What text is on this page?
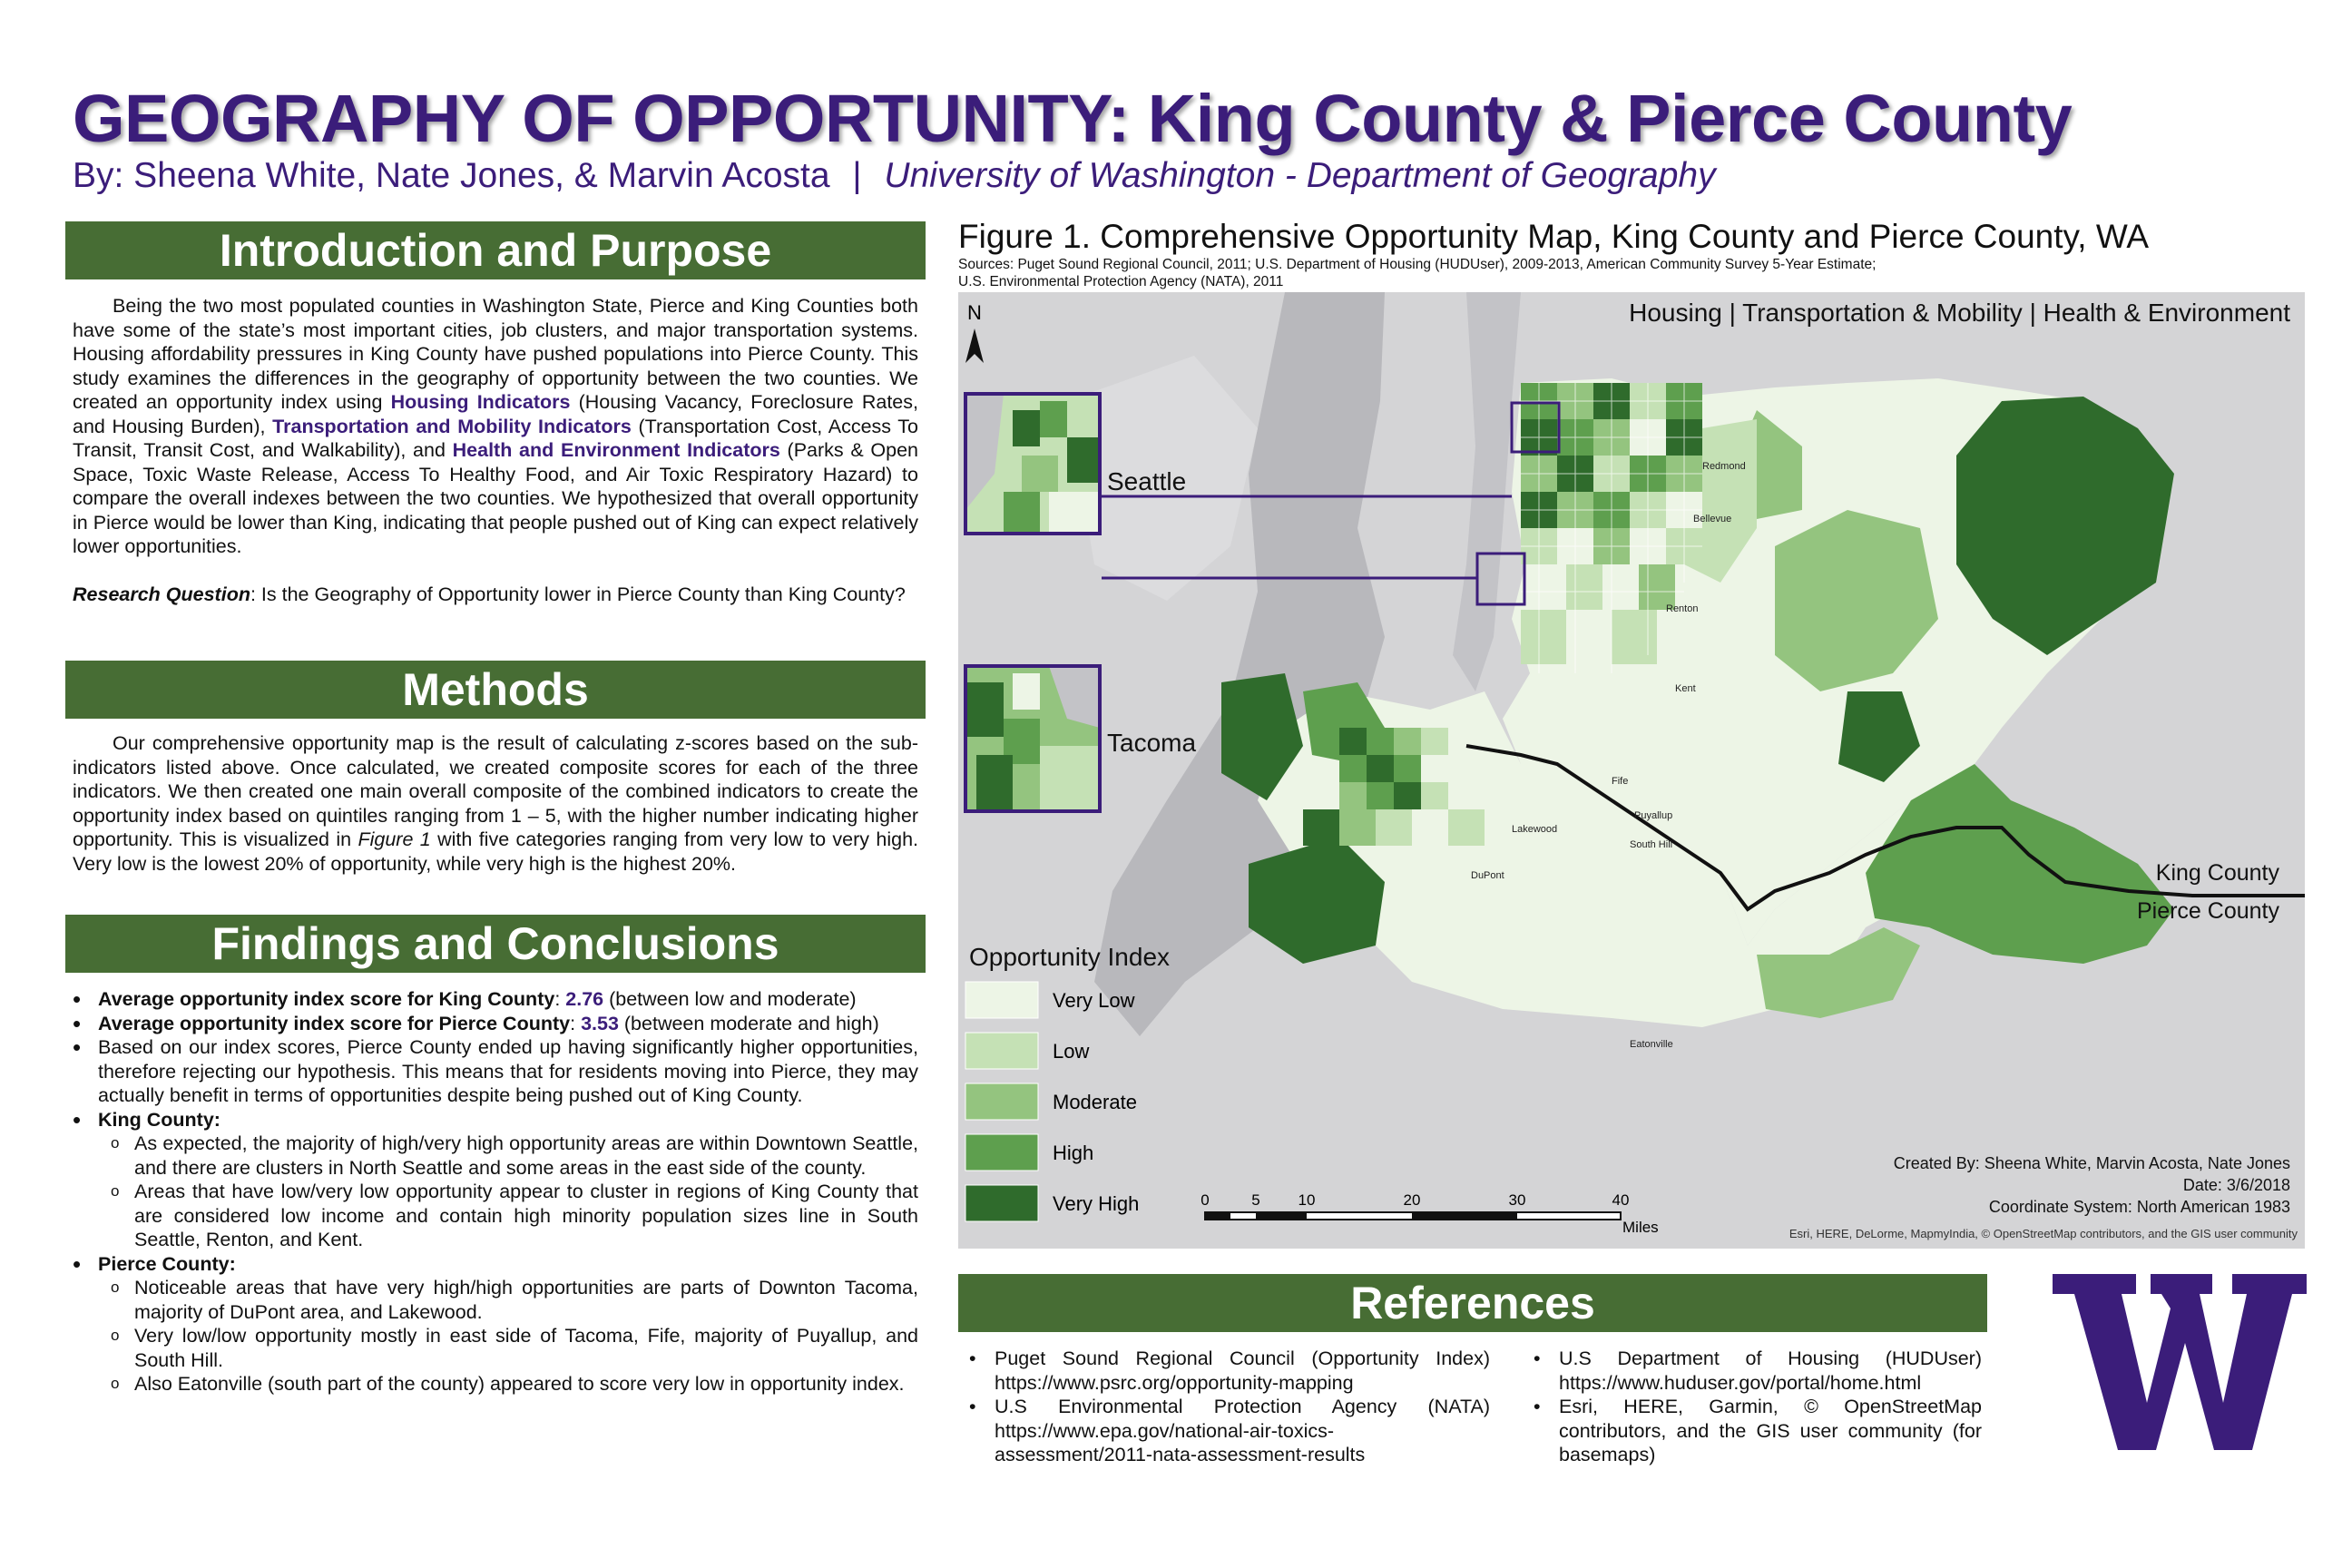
GEOGRAPHY OF OPPORTUNITY: King County & Pierce County
By: Sheena White, Nate Jones, & Marvin Acosta | University of Washington - Department of Geography
Introduction and Purpose

Being the two most populated counties in Washington State, Pierce and King Counties both have some of the state’s most important cities, job clusters, and major transportation systems. Housing affordability pressures in King County have pushed populations into Pierce County. This study examines the differences in the geography of opportunity between the two counties. We created an opportunity index using Housing Indicators (Housing Vacancy, Foreclosure Rates, and Housing Burden), Transportation and Mobility Indicators (Transportation Cost, Access To Transit, Transit Cost, and Walkability), and Health and Environment Indicators (Parks & Open Space, Toxic Waste Release, Access To Healthy Food, and Air Toxic Respiratory Hazard) to compare the overall indexes between the two counties. We hypothesized that overall opportunity in Pierce would be lower than King, indicating that people pushed out of King can expect relatively lower opportunities.

Research Question: Is the Geography of Opportunity lower in Pierce County than King County?

Methods

Our comprehensive opportunity map is the result of calculating z-scores based on the sub-indicators listed above. Once calculated, we created composite scores for each of the three indicators. We then created one main overall composite of the combined indicators to create the opportunity index based on quintiles ranging from 1 – 5, with the higher number indicating higher opportunity. This is visualized in Figure 1 with five categories ranging from very low to very high. Very low is the lowest 20% of opportunity, while very high is the highest 20%.

Findings and Conclusions
• Average opportunity index score for King County: 2.76 (between low and moderate)
• Average opportunity index score for Pierce County: 3.53 (between moderate and high)
• Based on our index scores, Pierce County ended up having significantly higher opportunities, therefore rejecting our hypothesis. This means that for residents moving into Pierce, they may actually benefit in terms of opportunities despite being pushed out of King County.
• King County:
o As expected, the majority of high/very high opportunity areas are within Downtown Seattle, and there are clusters in North Seattle and some areas in the east side of the county.
o Areas that have low/very low opportunity appear to cluster in regions of King County that are considered low income and contain high minority population sizes line in South Seattle, Renton, and Kent.
• Pierce County:
o Noticeable areas that have very high/high opportunities are parts of Downton Tacoma, majority of DuPont area, and Lakewood.
o Very low/low opportunity mostly in east side of Tacoma, Fife, majority of Puyallup, and South Hill.
o Also Eatonville (south part of the county) appeared to score very low in opportunity index.
Figure 1. Comprehensive Opportunity Map, King County and Pierce County, WA
Sources: Puget Sound Regional Council, 2011; U.S. Department of Housing (HUDUser), 2009-2013, American Community Survey 5-Year Estimate;
U.S. Environmental Protection Agency (NATA), 2011
N	Housing | Transportation & Mobility | Health & Environment
Seattle
Tacoma
King County
Pierce County
Redmond
Bellevue
Renton
Kent
Fife
Puyallup
South Hill
Lakewood
DuPont
Eatonville
Opportunity Index
Very Low
Low
Moderate
High
Very High	0	5 10	20	30	40
Miles
Created By: Sheena White, Marvin Acosta, Nate Jones
Date: 3/6/2018
Coordinate System: North American 1983
Esri, HERE, DeLorme, MapmyIndia, © OpenStreetMap contributors, and the GIS user community
References
• Puget Sound Regional Council (Opportunity Index) https://www.psrc.org/opportunity-mapping
• U.S Environmental Protection Agency (NATA) https://www.epa.gov/national-air-toxics-assessment/2011-nata-assessment-results
• U.S Department of Housing (HUDUser) https://www.huduser.gov/portal/home.html
• Esri, HERE, Garmin, © OpenStreetMap contributors, and the GIS user community (for basemaps)
